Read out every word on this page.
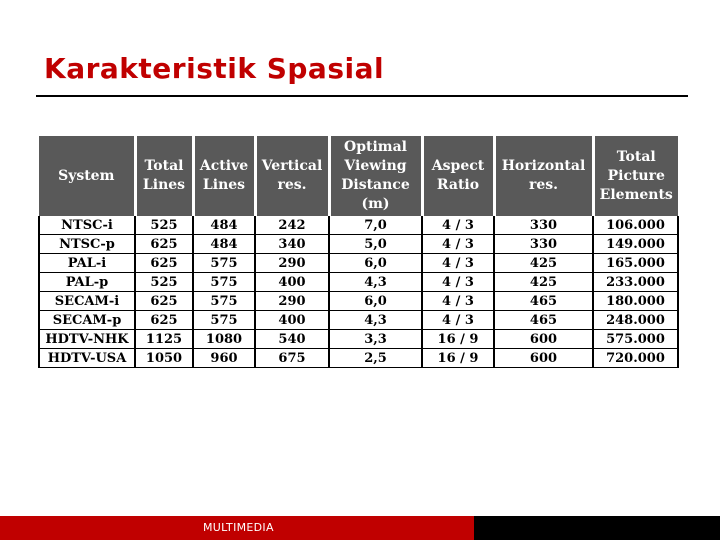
Karakteristik Spasial
System	Total Lines	Active Lines	Vertical res.	Optimal Viewing Distance (m)	Aspect Ratio	Horizontal res.	Total Picture Elements
NTSC-i	525	484	242	7,0	4 / 3	330	106.000
NTSC-p	625	484	340	5,0	4 / 3	330	149.000
PAL-i	625	575	290	6,0	4 / 3	425	165.000
PAL-p	525	575	400	4,3	4 / 3	425	233.000
SECAM-i	625	575	290	6,0	4 / 3	465	180.000
SECAM-p	625	575	400	4,3	4 / 3	465	248.000
HDTV-NHK	1125	1080	540	3,3	16 / 9	600	575.000
HDTV-USA	1050	960	675	2,5	16 / 9	600	720.000
MULTIMEDIA
